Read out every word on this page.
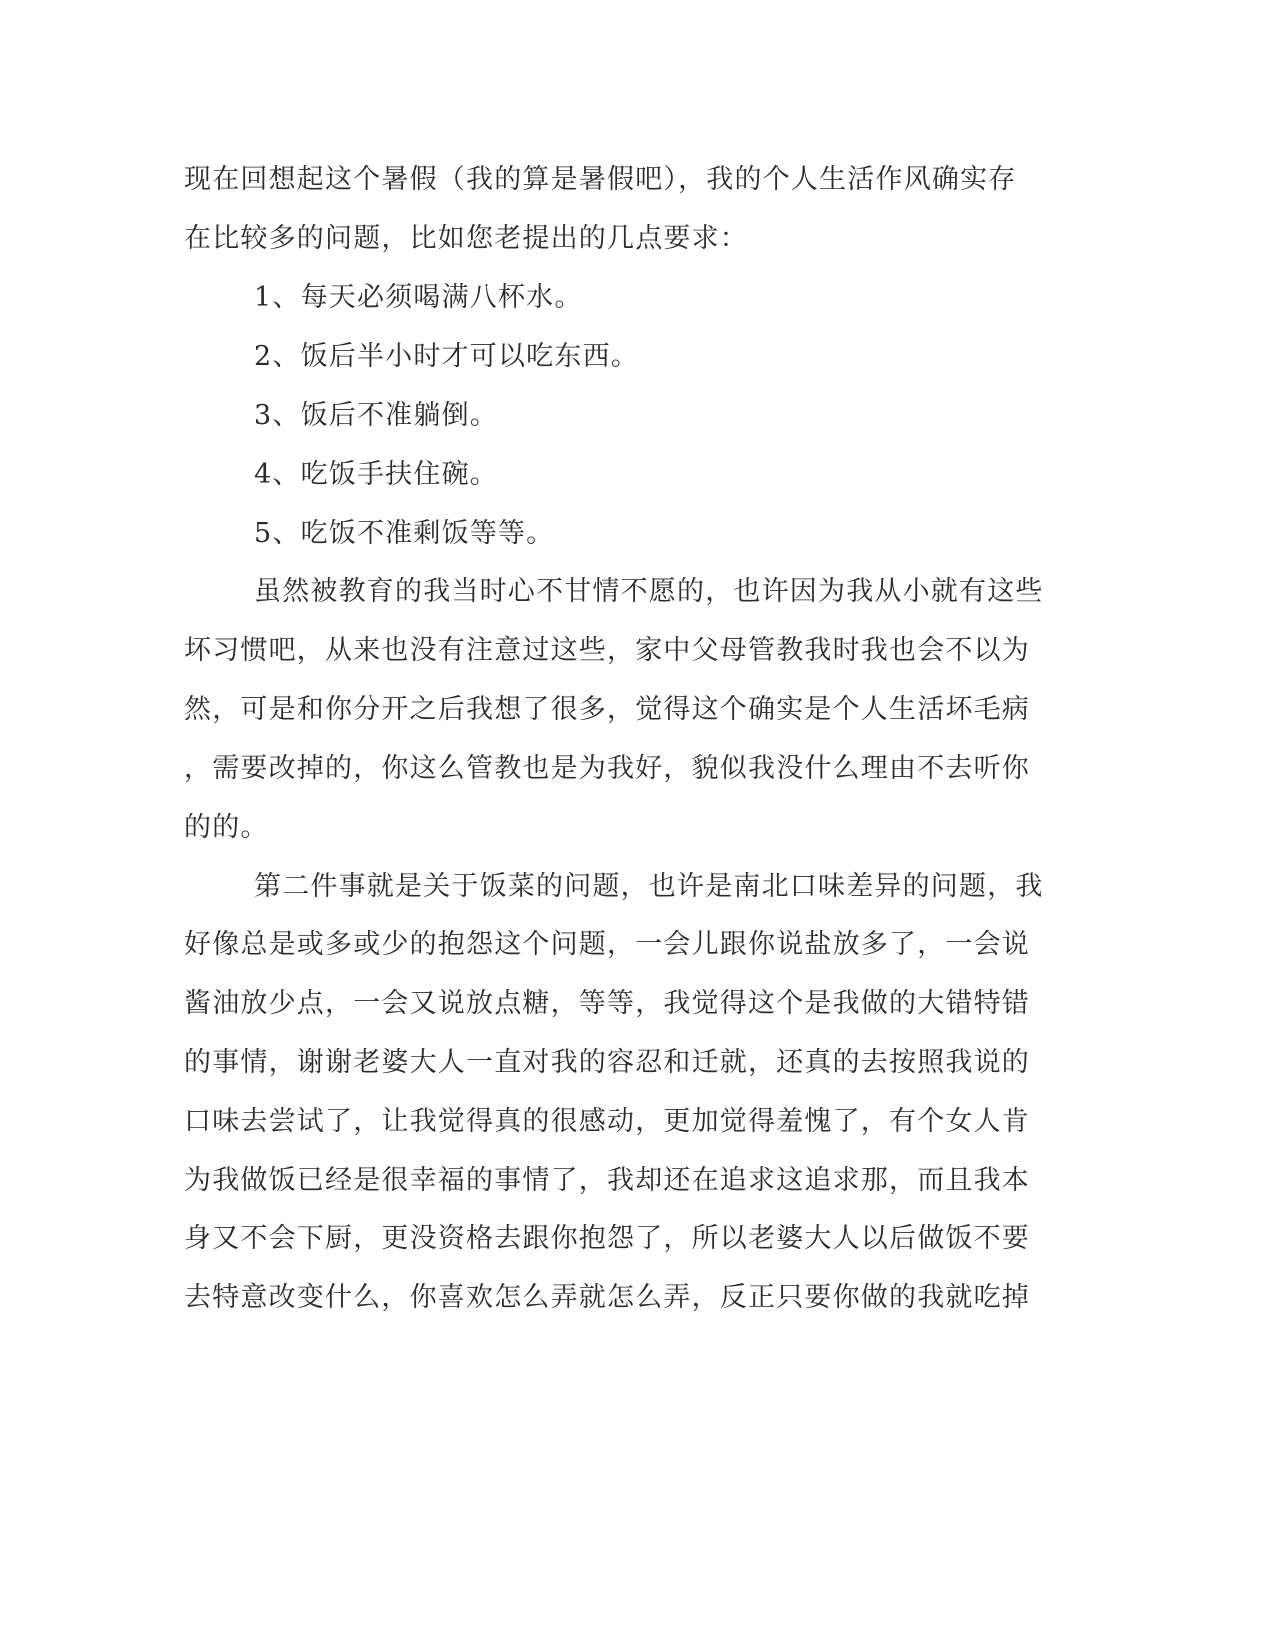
现在回想起这个暑假（我的算是暑假吧），我的个人生活作风确实存
在比较多的问题，比如您老提出的几点要求：
1、每天必须喝满八杯水。
2、饭后半小时才可以吃东西。
3、饭后不准躺倒。
4、吃饭手扶住碗。
5、吃饭不准剩饭等等。
虽然被教育的我当时心不甘情不愿的，也许因为我从小就有这些
坏习惯吧，从来也没有注意过这些，家中父母管教我时我也会不以为
然，可是和你分开之后我想了很多，觉得这个确实是个人生活坏毛病
，需要改掉的，你这么管教也是为我好，貌似我没什么理由不去听你
的的。
第二件事就是关于饭菜的问题，也许是南北口味差异的问题，我
好像总是或多或少的抱怨这个问题，一会儿跟你说盐放多了，一会说
酱油放少点，一会又说放点糖，等等，我觉得这个是我做的大错特错
的事情，谢谢老婆大人一直对我的容忍和迁就，还真的去按照我说的
口味去尝试了，让我觉得真的很感动，更加觉得羞愧了，有个女人肯
为我做饭已经是很幸福的事情了，我却还在追求这追求那，而且我本
身又不会下厨，更没资格去跟你抱怨了，所以老婆大人以后做饭不要
去特意改变什么，你喜欢怎么弄就怎么弄，反正只要你做的我就吃掉
